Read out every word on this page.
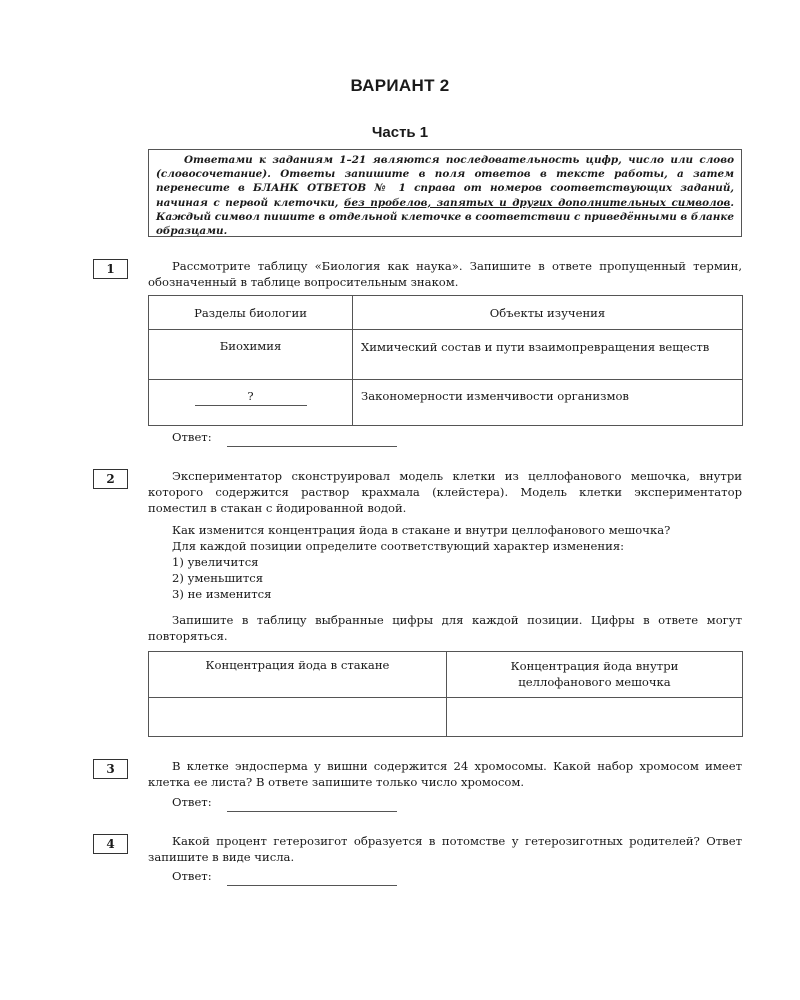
ВАРИАНТ 2
Часть 1
Ответами к заданиям 1–21 являются последовательность цифр, число или слово (словосочетание). Ответы запишите в поля ответов в тексте работы, а затем перенесите в БЛАНК ОТВЕТОВ № 1 справа от номеров соответствующих заданий, начиная с первой клеточки, без пробелов, запятых и других дополнительных символов. Каждый символ пишите в отдельной клеточке в соответствии с приведёнными в бланке образцами.
1	Рассмотрите таблицу «Биология как наука». Запишите в ответе пропущенный термин, обозначенный в таблице вопросительным знаком.
Разделы биологии	Объекты изучения
Биохимия	Химический состав и пути взаимопревращения веществ

?	Закономерности изменчивости организмов
Ответ:
2	Экспериментатор сконструировал модель клетки из целлофанового мешочка, внутри которого содержится раствор крахмала (клейстера). Модель клетки экспериментатор поместил в стакан с йодированной водой.
Как изменится концентрация йода в стакане и внутри целлофанового мешочка?
Для каждой позиции определите соответствующий характер изменения:
1) увеличится
2) уменьшится
3) не изменится
Запишите в таблицу выбранные цифры для каждой позиции. Цифры в ответе могут повторяться.
Концентрация йода в стакане	Концентрация йода внутри целлофанового мешочка

3	В клетке эндосперма у вишни содержится 24 хромосомы. Какой набор хромосом имеет клетка ее листа? В ответе запишите только число хромосом.
Ответ:
4	Какой процент гетерозигот образуется в потомстве у гетерозиготных родителей? Ответ запишите в виде числа.
Ответ:
